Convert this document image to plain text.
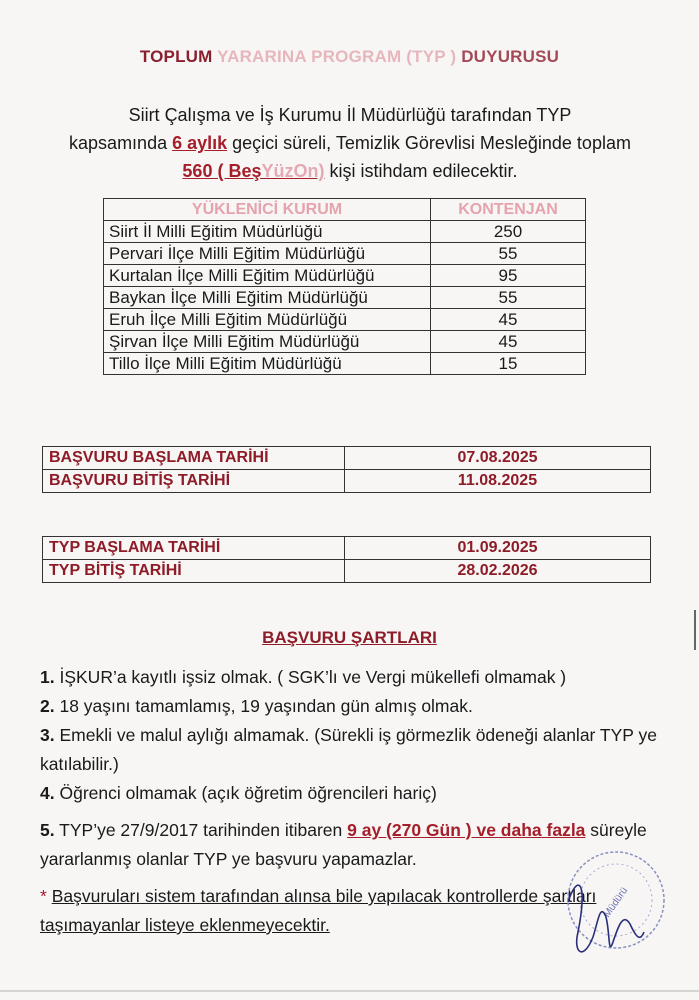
TOPLUM YARARINA PROGRAM (TYP ) DUYURUSU
Siirt Çalışma ve İş Kurumu İl Müdürlüğü tarafından TYP
kapsamında 6 aylık geçici süreli, Temizlik Görevlisi Mesleğinde toplam
560 ( BeşYüzOn) kişi istihdam edilecektir.
YÜKLENİCİ KURUM	KONTENJAN
Siirt İl Milli Eğitim Müdürlüğü	250
Pervari İlçe Milli Eğitim Müdürlüğü	55
Kurtalan İlçe Milli Eğitim Müdürlüğü	95
Baykan İlçe Milli Eğitim Müdürlüğü	55
Eruh İlçe Milli Eğitim Müdürlüğü	45
Şirvan İlçe Milli Eğitim Müdürlüğü	45
Tillo İlçe Milli Eğitim Müdürlüğü	15
BAŞVURU BAŞLAMA TARİHİ	07.08.2025
BAŞVURU BİTİŞ TARİHİ	11.08.2025
TYP BAŞLAMA TARİHİ	01.09.2025
TYP BİTİŞ TARİHİ	28.02.2026
BAŞVURU ŞARTLARI
1. İŞKUR’a kayıtlı işsiz olmak. ( SGK’lı ve Vergi mükellefi olmamak )
2. 18 yaşını tamamlamış, 19 yaşından gün almış olmak.
3. Emekli ve malul aylığı almamak. (Sürekli iş görmezlik ödeneği alanlar TYP ye katılabilir.)
4. Öğrenci olmamak (açık öğretim öğrencileri hariç)
5. TYP’ye 27/9/2017 tarihinden itibaren 9 ay (270 Gün ) ve daha fazla süreyle yararlanmış olanlar TYP ye başvuru yapamazlar.
* Başvuruları sistem tarafından alınsa bile yapılacak kontrollerde şartları taşımayanlar listeye eklenmeyecektir.
Müdürü
